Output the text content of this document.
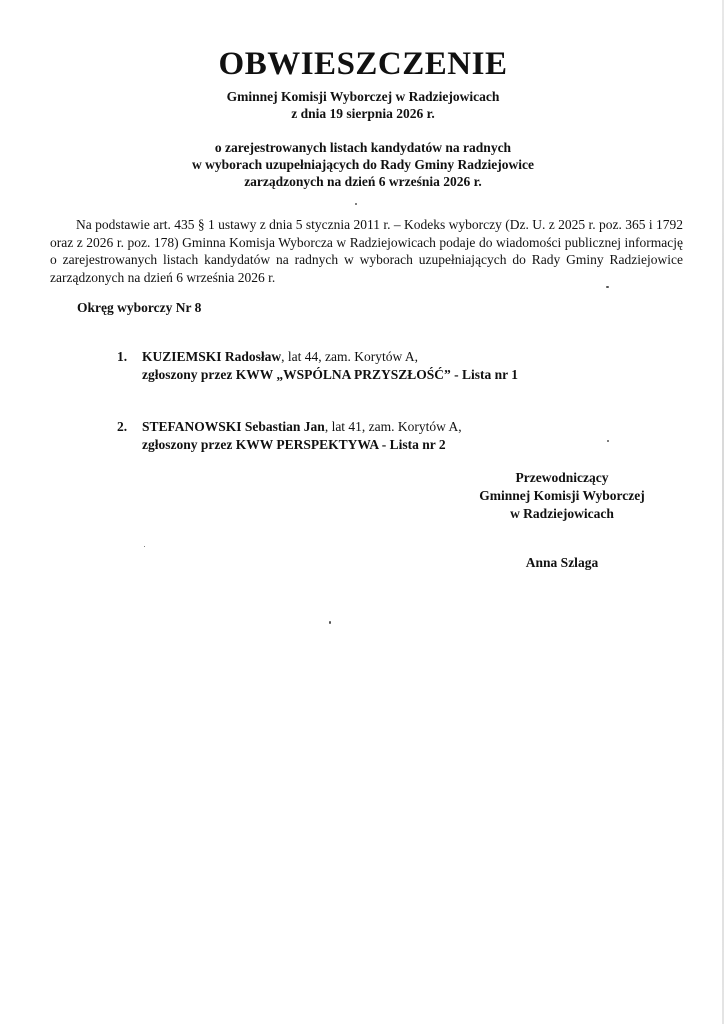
OBWIESZCZENIE
Gminnej Komisji Wyborczej w Radziejowicach
z dnia 19 sierpnia 2026 r.
o zarejestrowanych listach kandydatów na radnych
w wyborach uzupełniających do Rady Gminy Radziejowice
zarządzonych na dzień 6 września 2026 r.
Na podstawie art. 435 § 1 ustawy z dnia 5 stycznia 2011 r. – Kodeks wyborczy (Dz. U. z 2025 r. poz. 365 i 1792 oraz z 2026 r. poz. 178) Gminna Komisja Wyborcza w Radziejowicach podaje do wiadomości publicznej informację o zarejestrowanych listach kandydatów na radnych w wyborach uzupełniających do Rady Gminy Radziejowice zarządzonych na dzień 6 września 2026 r.
Okręg wyborczy Nr 8
1. KUZIEMSKI Radosław, lat 44, zam. Korytów A,
zgłoszony przez KWW „WSPÓLNA PRZYSZŁOŚĆ” - Lista nr 1
2. STEFANOWSKI Sebastian Jan, lat 41, zam. Korytów A,
zgłoszony przez KWW PERSPEKTYWA - Lista nr 2
Przewodniczący
Gminnej Komisji Wyborczej
w Radziejowicach
Anna Szlaga
